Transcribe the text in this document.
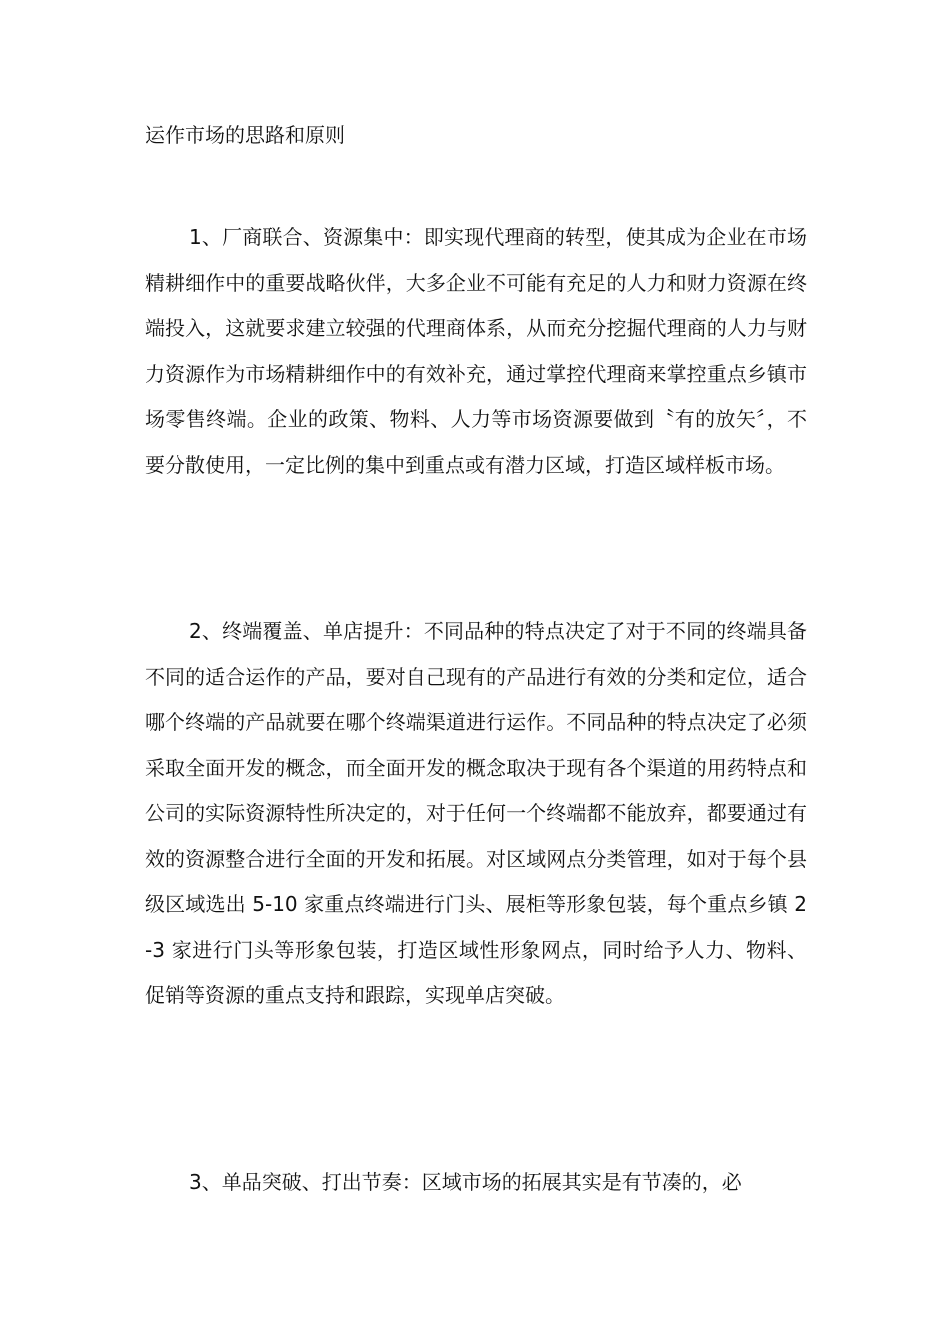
运作市场的思路和原则

1、厂商联合、资源集中：即实现代理商的转型，使其成为企业在市场精耕细作中的重要战略伙伴，大多企业不可能有充足的人力和财力资源在终端投入，这就要求建立较强的代理商体系，从而充分挖掘代理商的人力与财力资源作为市场精耕细作中的有效补充，通过掌控代理商来掌控重点乡镇市场零售终端。企业的政策、物料、人力等市场资源要做到〝有的放矢〞，不要分散使用，一定比例的集中到重点或有潜力区域，打造区域样板市场。

2、终端覆盖、单店提升：不同品种的特点决定了对于不同的终端具备不同的适合运作的产品，要对自己现有的产品进行有效的分类和定位，适合哪个终端的产品就要在哪个终端渠道进行运作。不同品种的特点决定了必须采取全面开发的概念，而全面开发的概念取决于现有各个渠道的用药特点和公司的实际资源特性所决定的，对于任何一个终端都不能放弃，都要通过有效的资源整合进行全面的开发和拓展。对区域网点分类管理，如对于每个县级区域选出 5-10 家重点终端进行门头、展柜等形象包装，每个重点乡镇 2-3 家进行门头等形象包装，打造区域性形象网点，同时给予人力、物料、促销等资源的重点支持和跟踪，实现单店突破。

3、单品突破、打出节奏：区域市场的拓展其实是有节凑的，必
